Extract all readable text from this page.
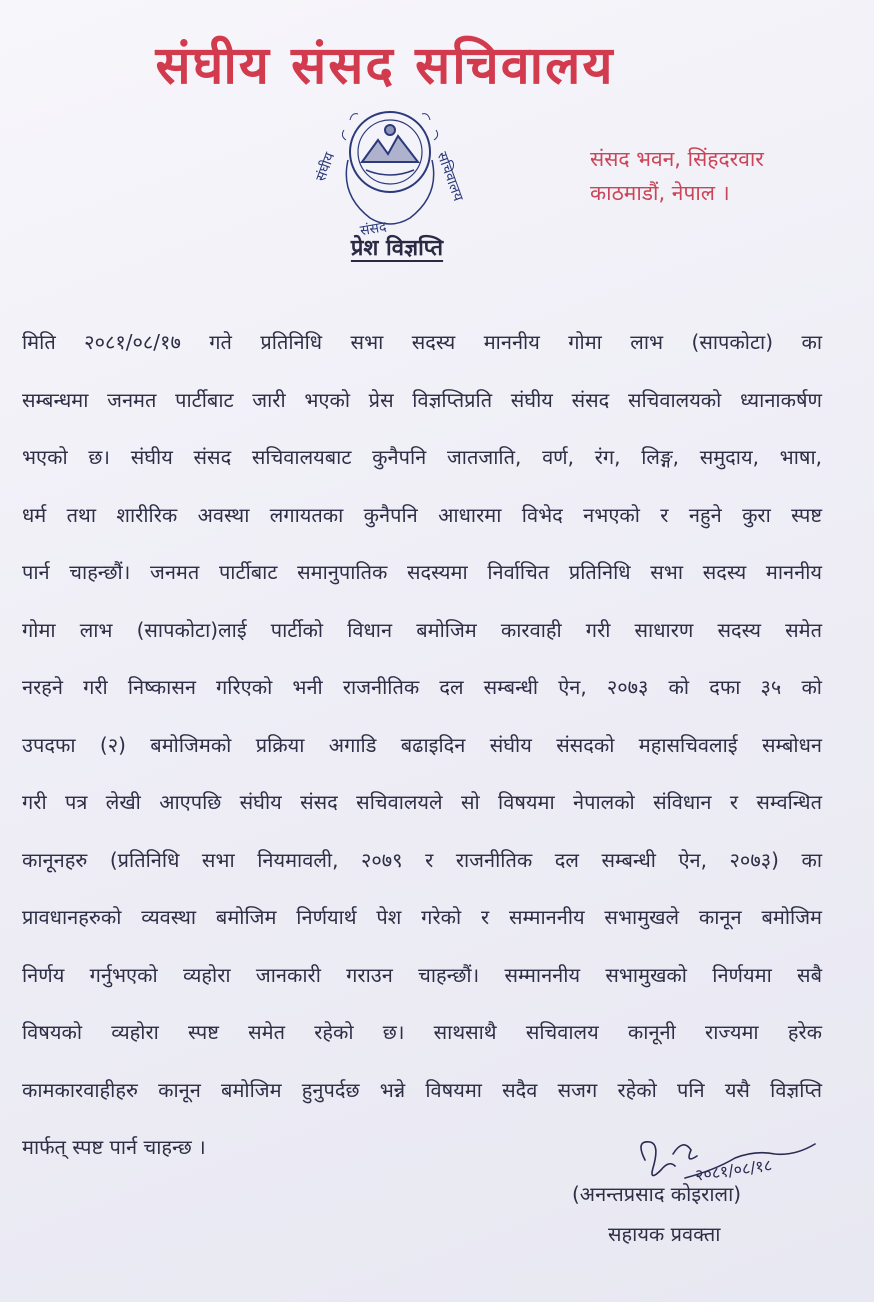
संघीय संसद सचिवालय
संघीय
संसद
सचिवालय	संसद भवन, सिंहदरवार
काठमाडौं, नेपाल ।
प्रेश विज्ञप्ति
मिति २०८१/०८/१७ गते प्रतिनिधि सभा सदस्य माननीय गोमा लाभ (सापकोटा) का
सम्बन्धमा जनमत पार्टीबाट जारी भएको प्रेस विज्ञप्तिप्रति संघीय संसद सचिवालयको ध्यानाकर्षण
भएको छ। संघीय संसद सचिवालयबाट कुनैपनि जातजाति, वर्ण, रंग, लिङ्ग, समुदाय, भाषा,
धर्म तथा शारीरिक अवस्था लगायतका कुनैपनि आधारमा विभेद नभएको र नहुने कुरा स्पष्ट
पार्न चाहन्छौं। जनमत पार्टीबाट समानुपातिक सदस्यमा निर्वाचित प्रतिनिधि सभा सदस्य माननीय
गोमा लाभ (सापकोटा)लाई पार्टीको विधान बमोजिम कारवाही गरी साधारण सदस्य समेत
नरहने गरी निष्कासन गरिएको भनी राजनीतिक दल सम्बन्धी ऐन, २०७३ को दफा ३५ को
उपदफा (२) बमोजिमको प्रक्रिया अगाडि बढाइदिन संघीय संसदको महासचिवलाई सम्बोधन
गरी पत्र लेखी आएपछि संघीय संसद सचिवालयले सो विषयमा नेपालको संविधान र सम्वन्धित
कानूनहरु (प्रतिनिधि सभा नियमावली, २०७९ र राजनीतिक दल सम्बन्धी ऐन, २०७३) का
प्रावधानहरुको व्यवस्था बमोजिम निर्णयार्थ पेश गरेको र सम्माननीय सभामुखले कानून बमोजिम
निर्णय गर्नुभएको व्यहोरा जानकारी गराउन चाहन्छौं। सम्माननीय सभामुखको निर्णयमा सबै
विषयको व्यहोरा स्पष्ट समेत रहेको छ। साथसाथै सचिवालय कानूनी राज्यमा हरेक
कामकारवाहीहरु कानून बमोजिम हुनुपर्दछ भन्ने विषयमा सदैव सजग रहेको पनि यसै विज्ञप्ति
मार्फत् स्पष्ट पार्न चाहन्छ ।
२०८१/०८/१८
(अनन्तप्रसाद कोइराला)
सहायक प्रवक्ता
